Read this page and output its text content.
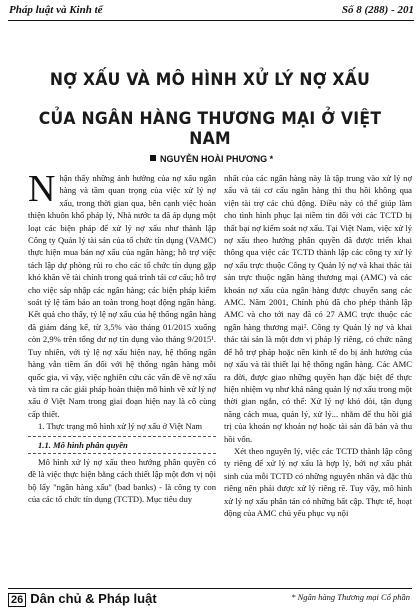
Pháp luật và Kinh tế	Số 8 (288) - 201
NỢ XẤU VÀ MÔ HÌNH XỬ LÝ NỢ XẤU
CỦA NGÂN HÀNG THƯƠNG MẠI Ở VIỆT NAM
NGUYỄN HOÀI PHƯƠNG *

Nhận thấy những ảnh hưởng của nợ xấu ngân hàng và tầm quan trọng của việc xử lý nợ xấu, trong thời gian qua, bên cạnh việc hoàn thiện khuôn khổ pháp lý, Nhà nước ta đã áp dụng một loạt các biện pháp để xử lý nợ xấu như thành lập Công ty Quản lý tài sản của tổ chức tín dụng (VAMC) thực hiện mua bán nợ xấu của ngân hàng; hỗ trợ việc tách lập dự phòng rủi ro cho các tổ chức tín dụng gặp khó khăn về tài chính trong quá trình tái cơ cấu; hỗ trợ cho việc sáp nhập các ngân hàng; các biện pháp kiểm soát tỷ lệ tăm bảo an toàn trong hoạt động ngân hàng. Kết quả cho thấy, tỷ lệ nợ xấu của hệ thống ngân hàng đã giảm đáng kể, từ 3,5% vào tháng 01/2015 xuống còn 2,9% trên tổng dư nợ tín dụng vào tháng 9/2015¹. Tuy nhiên, với tỷ lệ nợ xấu hiện nay, hệ thống ngân hàng vẫn tiềm ẩn đối với hệ thống ngân hàng mỗi quốc gia, vì vậy, việc nghiên cứu các vấn đề về nợ xấu và tìm ra các giải pháp hoàn thiện mô hình về xử lý nợ xấu ở Việt Nam trong giai đoạn hiện nay là cô cùng cấp thiết.

1. Thực trạng mô hình xử lý nợ xấu ở Việt Nam

1.1. Mô hình phân quyền

Mô hình xử lý nợ xấu theo hướng phân quyền có đề là việc thực hiện bằng cách thiết lập một đơn vị nội bộ lấy "ngân hàng xấu" (bad banks) - là công ty con của các tổ chức tín dụng (TCTD). Mục tiêu duy

nhất của các ngân hàng này là tập trung vào xử lý nợ xấu và tái cơ cấu ngân hàng thì thu hồi không qua viện tài trợ các chủ động. Điều này có thể giúp làm cho tình hình phục lại niềm tin đối với các TCTD bị thất bại nợ kiểm soát nợ xấu. Tại Việt Nam, việc xử lý nợ xấu theo hướng phân quyền đã được triển khai thông qua việc các TCTD thành lập các công ty xử lý nợ xấu trực thuộc Công ty Quản lý nợ và khai thác tài sản trực thuộc ngân hàng thương mại (AMC) và các khoản nợ xấu của ngân hàng được chuyển sang các AMC. Năm 2001, Chính phủ đã cho phép thành lập AMC và cho tới nay đã có 27 AMC trực thuộc các ngân hàng thương mại². Công ty Quản lý nợ và khai thác tài sản là một đơn vị pháp lý riêng, có chức năng để hỗ trợ pháp hoặc nền kinh tế do bị ảnh hưởng của nợ xấu và tài thiết lại hệ thống ngân hàng. Các AMC ra đời, được giao những quyền hạn đặc biệt để thực hiện nhiệm vụ như khả năng quản lý nợ xấu trong một thời gian ngắn, có thể: Xử lý nợ khó đòi, tận dụng năng cách mua, quản lý, xử lý... nhằm để thu hồi giá trị của khoản nợ khoản nợ hoặc tài sản đã bán và thu hồi vốn.

Xét theo nguyên lý, việc các TCTD thành lập công ty riêng để xử lý nợ xấu là hợp lý, bởi nợ xấu phát sinh của mỗi TCTD có những nguyên nhân và đặc thù riêng nên phải được xử lý riêng rẽ. Tuy vậy, mô hình xử lý nợ xấu phân tán có những bất cập. Thực tế, hoạt động của AMC chủ yếu phục vụ nội

26 Dân chủ & Pháp luật	* Ngân hàng Thương mại Cổ phần
